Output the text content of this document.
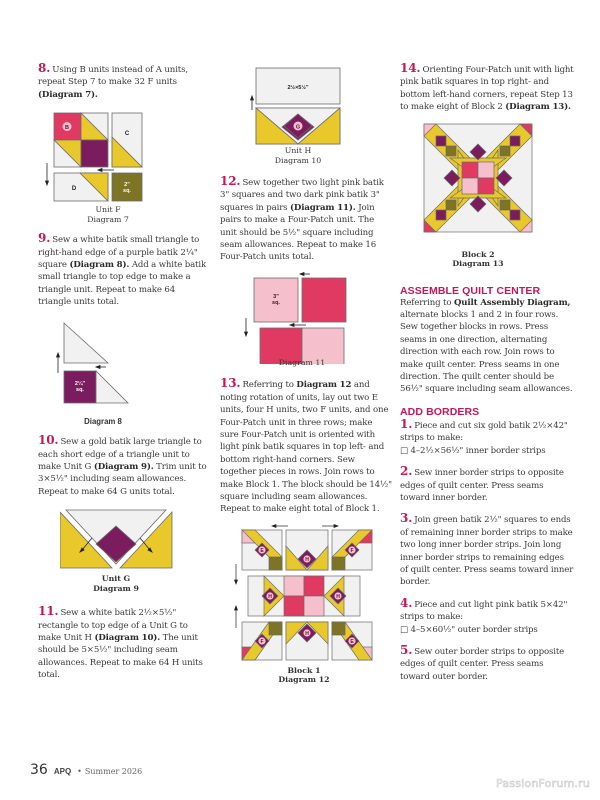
8. Using B units instead of A units, repeat Step 7 to make 32 F units (Diagram 7).

B
C
D
2"
sq.
Unit F
Diagram 7

9. Sew a white batik small triangle to right-hand edge of a purple batik 2¼" square (Diagram 8). Add a white batik small triangle to top edge to make a triangle unit. Repeat to make 64 triangle units total.

2¼"
sq.
Diagram 8

10. Sew a gold batik large triangle to each short edge of a triangle unit to make Unit G (Diagram 9). Trim unit to 3×5½" including seam allowances. Repeat to make 64 G units total.

Unit G
Diagram 9

11. Sew a white batik 2½×5½" rectangle to top edge of a Unit G to make Unit H (Diagram 10). The unit should be 5×5½" including seam allowances. Repeat to make 64 H units total.

G
2½×5½"
Unit H
Diagram 10

12. Sew together two light pink batik 3" squares and two dark pink batik 3" squares in pairs (Diagram 11). Join pairs to make a Four-Patch unit. The unit should be 5½" square including seam allowances. Repeat to make 16 Four-Patch units total.

3"
sq.
Diagram 11

13. Referring to Diagram 12 and noting rotation of units, lay out two E units, four H units, two F units, and one Four-Patch unit in three rows; make sure Four-Patch unit is oriented with light pink batik squares in top left- and bottom right-hand corners. Sew together pieces in rows. Join rows to make Block 1. The block should be 14½" square including seam allowances. Repeat to make eight total of Block 1.

E
H
F
H	H
F
H
E
Block 1
Diagram 12

14. Orienting Four-Patch unit with light pink batik squares in top right- and bottom left-hand corners, repeat Step 13 to make eight of Block 2 (Diagram 13).

Block 2
Diagram 13
ASSEMBLE QUILT CENTER

Referring to Quilt Assembly Diagram, alternate blocks 1 and 2 in four rows. Sew together blocks in rows. Press seams in one direction, alternating direction with each row. Join rows to make quilt center. Press seams in one direction. The quilt center should be 56½" square including seam allowances.

ADD BORDERS

1. Piece and cut six gold batik 2½×42" strips to make:
□ 4–2½×56½" inner border strips

2. Sew inner border strips to opposite edges of quilt center. Press seams toward inner border.

3. Join green batik 2½" squares to ends of remaining inner border strips to make two long inner border strips. Join long inner border strips to remaining edges of quilt center. Press seams toward inner border.

4. Piece and cut light pink batik 5×42" strips to make:
□ 4–5×60½" outer border strips

5. Sew outer border strips to opposite edges of quilt center. Press seams toward outer border.

36 APQ • Summer 2026
PassionForum.ru
